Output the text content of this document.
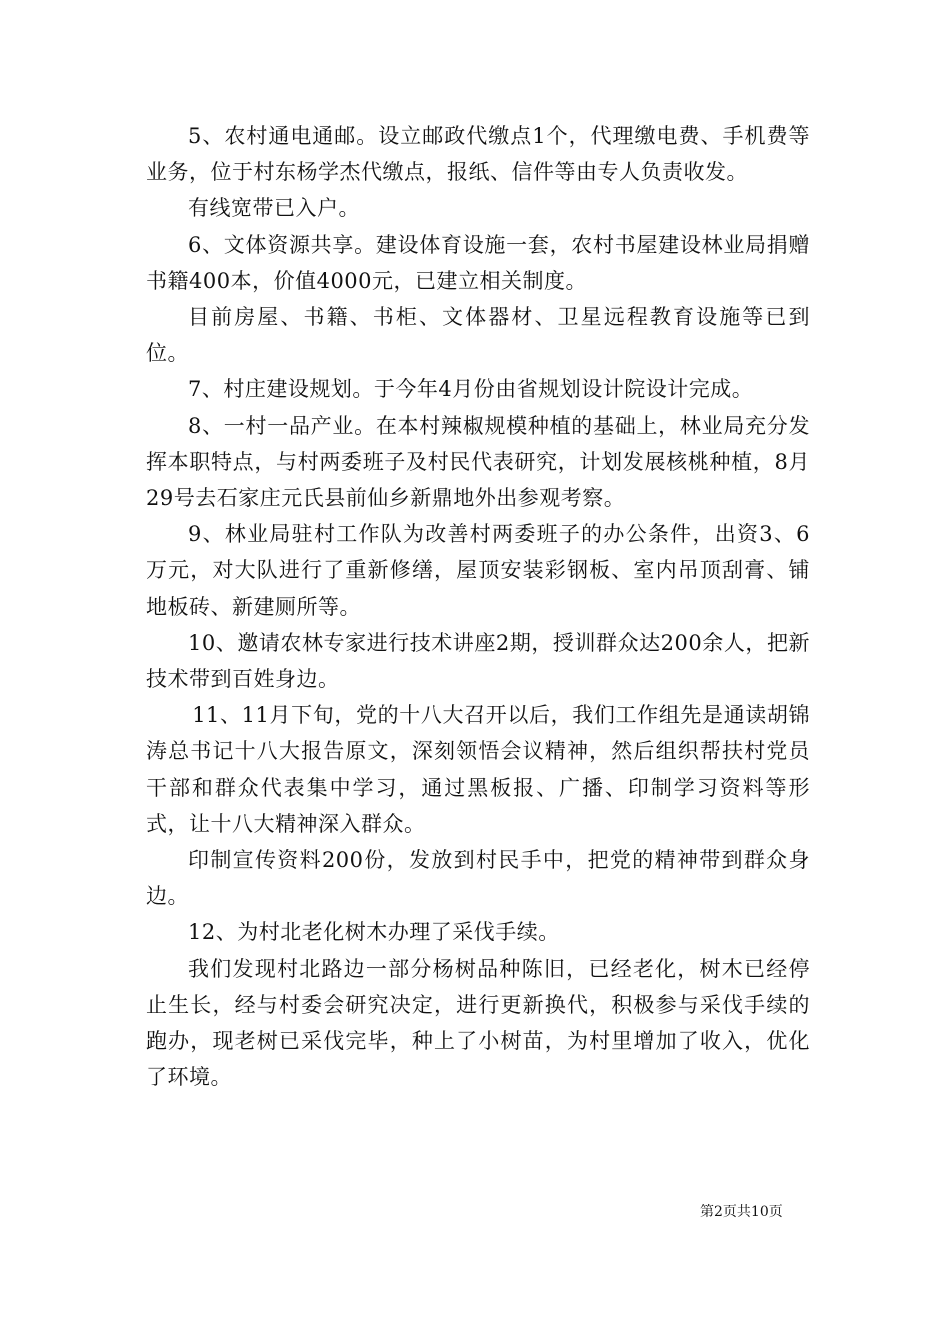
5、农村通电通邮。设立邮政代缴点1个，代理缴电费、手机费等业务，位于村东杨学杰代缴点，报纸、信件等由专人负责收发。

有线宽带已入户。

6、文体资源共享。建设体育设施一套，农村书屋建设林业局捐赠书籍400本，价值4000元，已建立相关制度。

目前房屋、书籍、书柜、文体器材、卫星远程教育设施等已到位。

7、村庄建设规划。于今年4月份由省规划设计院设计完成。

8、一村一品产业。在本村辣椒规模种植的基础上，林业局充分发挥本职特点，与村两委班子及村民代表研究，计划发展核桃种植，8月29号去石家庄元氏县前仙乡新鼎地外出参观考察。

9、林业局驻村工作队为改善村两委班子的办公条件，出资3、6万元，对大队进行了重新修缮，屋顶安装彩钢板、室内吊顶刮膏、铺地板砖、新建厕所等。

10、邀请农林专家进行技术讲座2期，授训群众达200余人，把新技术带到百姓身边。

11、11月下旬，党的十八大召开以后，我们工作组先是通读胡锦涛总书记十八大报告原文，深刻领悟会议精神，然后组织帮扶村党员干部和群众代表集中学习，通过黑板报、广播、印制学习资料等形式，让十八大精神深入群众。

印制宣传资料200份，发放到村民手中，把党的精神带到群众身边。

12、为村北老化树木办理了采伐手续。

我们发现村北路边一部分杨树品种陈旧，已经老化，树木已经停止生长，经与村委会研究决定，进行更新换代，积极参与采伐手续的跑办，现老树已采伐完毕，种上了小树苗，为村里增加了收入，优化了环境。

第2页共10页
